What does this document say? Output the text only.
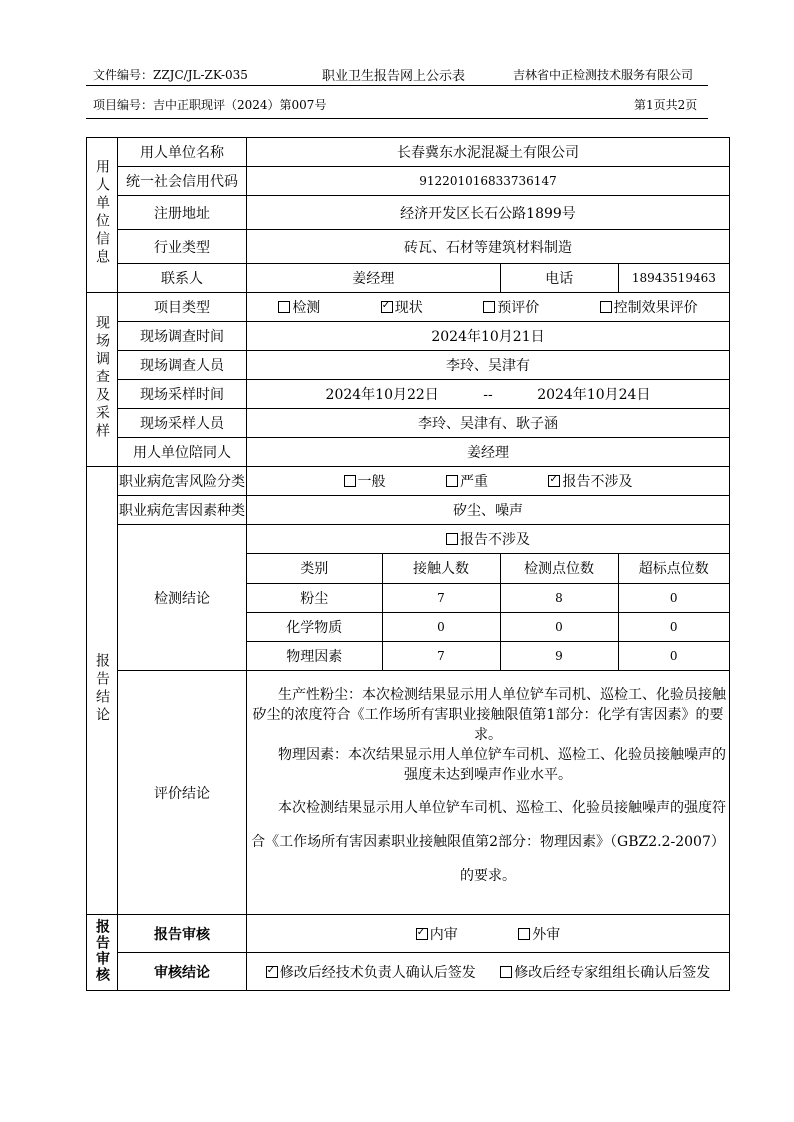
文件编号：ZZJC/JL-ZK-035	职业卫生报告网上公示表	吉林省中正检测技术服务有限公司
项目编号：吉中正职现评（2024）第007号	第1页共2页
用人单位信息	用人单位名称	长春冀东水泥混凝土有限公司
统一社会信用代码	912201016833736147
注册地址	经济开发区长石公路1899号
行业类型	砖瓦、石材等建筑材料制造
联系人	姜经理	电话	18943519463
现场调查及采样	项目类型	检测 ✓	现状	预评价	控制效果评价
现场调查时间	2024年10月21日
现场调查人员	李玲、吴津有
现场采样时间	2024年10月22日	--	2024年10月24日
现场采样人员	李玲、吴津有、耿子涵
用人单位陪同人	姜经理
报告结论	职业病危害风险分类	一般	严重 ✓	报告不涉及
职业病危害因素种类	矽尘、噪声
检测结论	报告不涉及

类别	接触人数	检测点位数	超标点位数
粉尘	7	8	0
化学物质	0	0	0
物理因素	7	9	0

评价结论	

生产性粉尘：本次检测结果显示用人单位铲车司机、巡检工、化验员接触矽尘的浓度符合《工作场所有害职业接触限值第1部分：化学有害因素》的要求。

物理因素：本次结果显示用人单位铲车司机、巡检工、化验员接触噪声的强度未达到噪声作业水平。

本次检测结果显示用人单位铲车司机、巡检工、化验员接触噪声的强度符合《工作场所有害因素职业接触限值第2部分：物理因素》（GBZ2.2-2007）的要求。

报告审核	报告审核	✓内审	外审
审核结论	✓修改后经技术负责人确认后签发	修改后经专家组组长确认后签发
